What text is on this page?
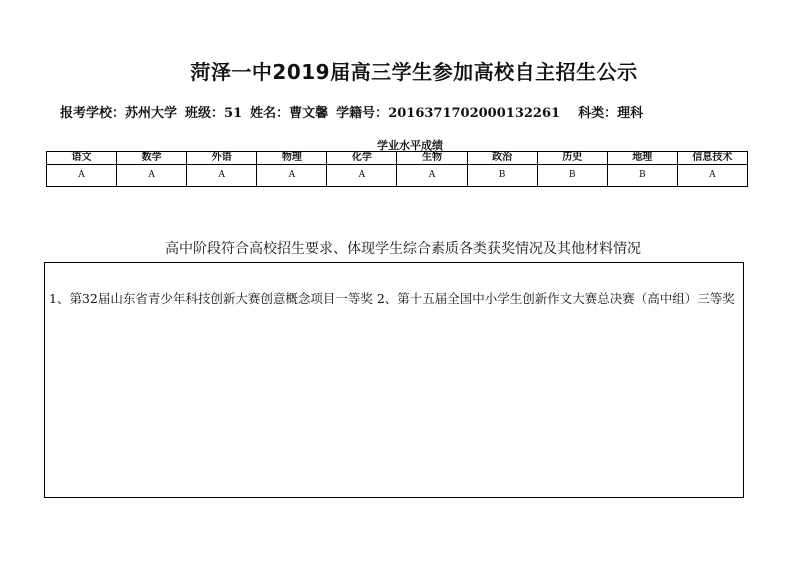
菏泽一中2019届高三学生参加高校自主招生公示
报考学校：苏州大学 班级：51 姓名：曹文馨 学籍号：2016371702000132261 科类：理科
学业水平成绩
语文	数学	外语	物理	化学	生物	政治	历史	地理	信息技术
A	A	A	A	A	A	B	B	B	A
高中阶段符合高校招生要求、体现学生综合素质各类获奖情况及其他材料情况
1、第32届山东省青少年科技创新大赛创意概念项目一等奖 2、第十五届全国中小学生创新作文大赛总决赛（高中组）三等奖
